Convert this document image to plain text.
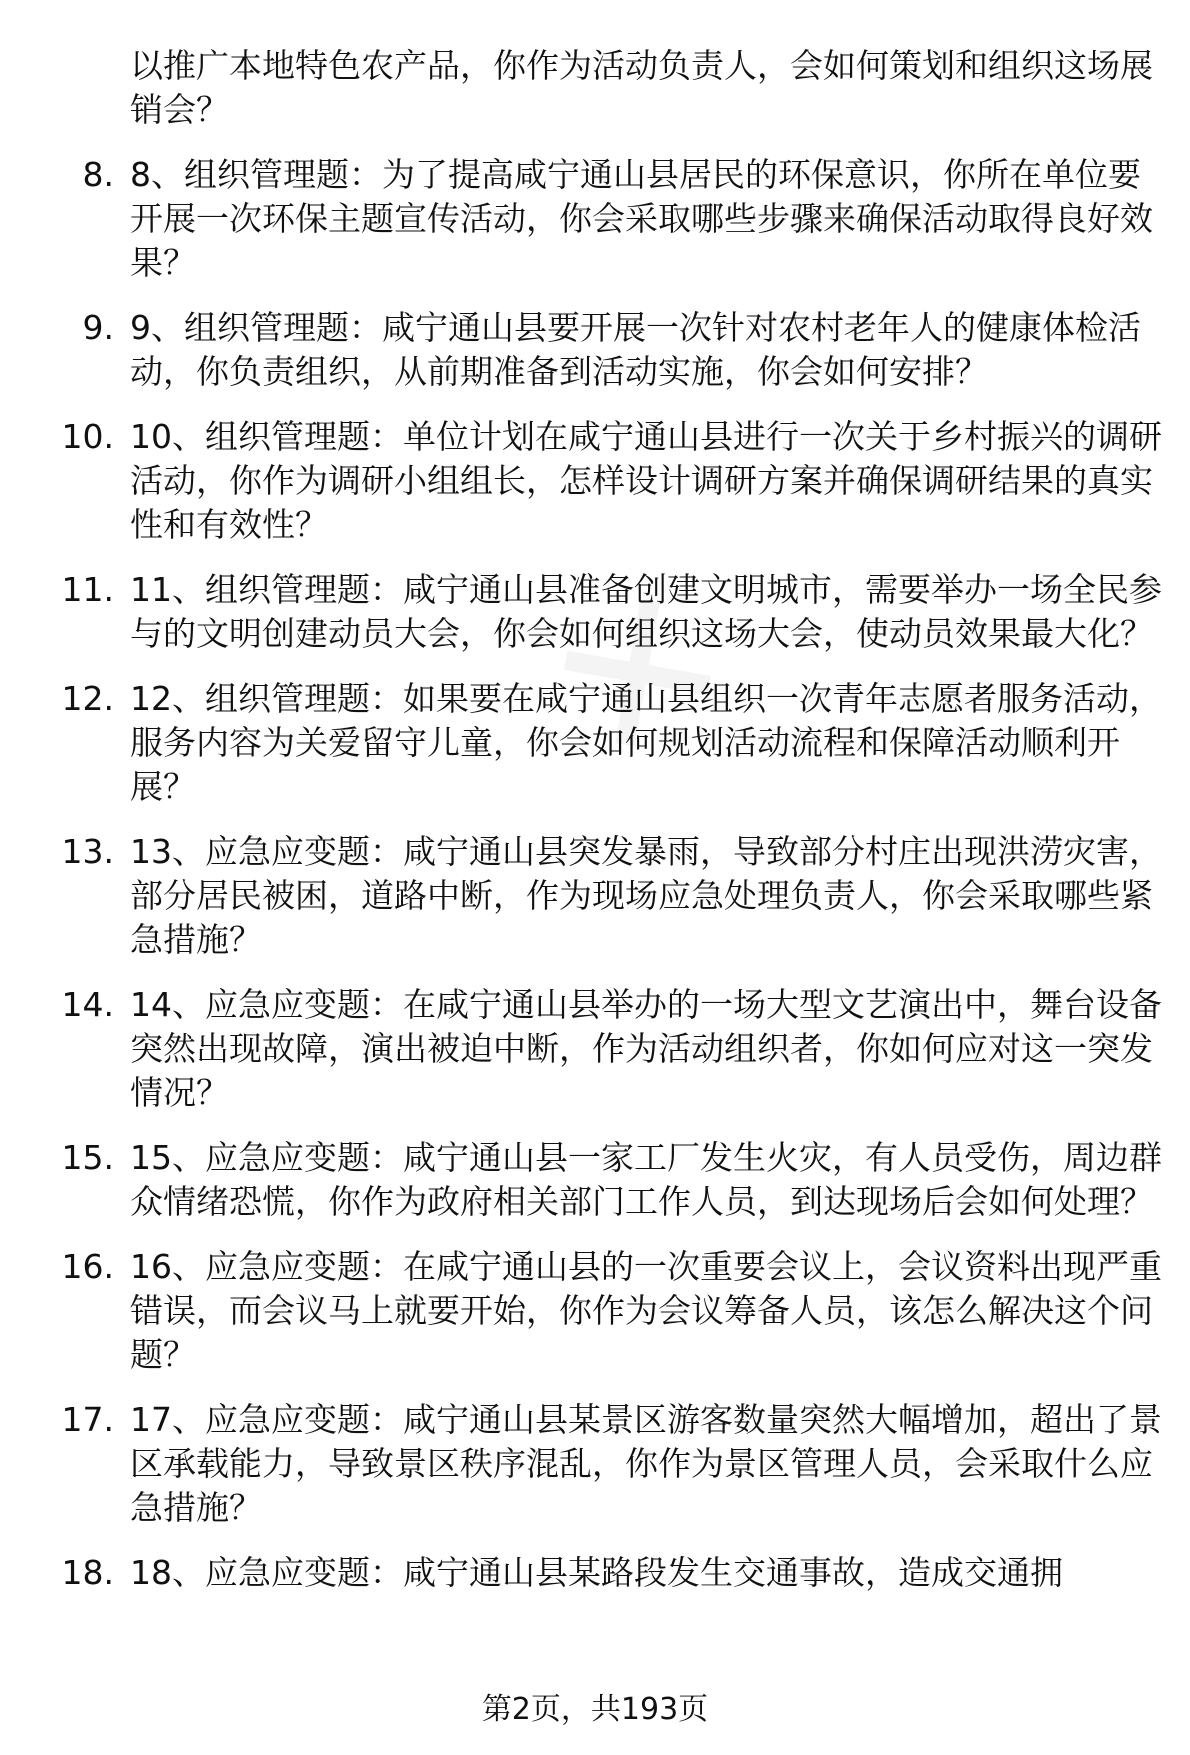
以推广本地特色农产品，你作为活动负责人，会如何策划和组织这场展销会？
8. 8、组织管理题：为了提高咸宁通山县居民的环保意识，你所在单位要开展一次环保主题宣传活动，你会采取哪些步骤来确保活动取得良好效果？
9. 9、组织管理题：咸宁通山县要开展一次针对农村老年人的健康体检活动，你负责组织，从前期准备到活动实施，你会如何安排？
10. 10、组织管理题：单位计划在咸宁通山县进行一次关于乡村振兴的调研活动，你作为调研小组组长，怎样设计调研方案并确保调研结果的真实性和有效性？
11. 11、组织管理题：咸宁通山县准备创建文明城市，需要举办一场全民参与的文明创建动员大会，你会如何组织这场大会，使动员效果最大化？
12. 12、组织管理题：如果要在咸宁通山县组织一次青年志愿者服务活动，服务内容为关爱留守儿童，你会如何规划活动流程和保障活动顺利开展？
13. 13、应急应变题：咸宁通山县突发暴雨，导致部分村庄出现洪涝灾害，部分居民被困，道路中断，作为现场应急处理负责人，你会采取哪些紧急措施？
14. 14、应急应变题：在咸宁通山县举办的一场大型文艺演出中，舞台设备突然出现故障，演出被迫中断，作为活动组织者，你如何应对这一突发情况？
15. 15、应急应变题：咸宁通山县一家工厂发生火灾，有人员受伤，周边群众情绪恐慌，你作为政府相关部门工作人员，到达现场后会如何处理？
16. 16、应急应变题：在咸宁通山县的一次重要会议上，会议资料出现严重错误，而会议马上就要开始，你作为会议筹备人员，该怎么解决这个问题？
17. 17、应急应变题：咸宁通山县某景区游客数量突然大幅增加，超出了景区承载能力，导致景区秩序混乱，你作为景区管理人员，会采取什么应急措施？
18. 18、应急应变题：咸宁通山县某路段发生交通事故，造成交通拥
第2页，共193页
